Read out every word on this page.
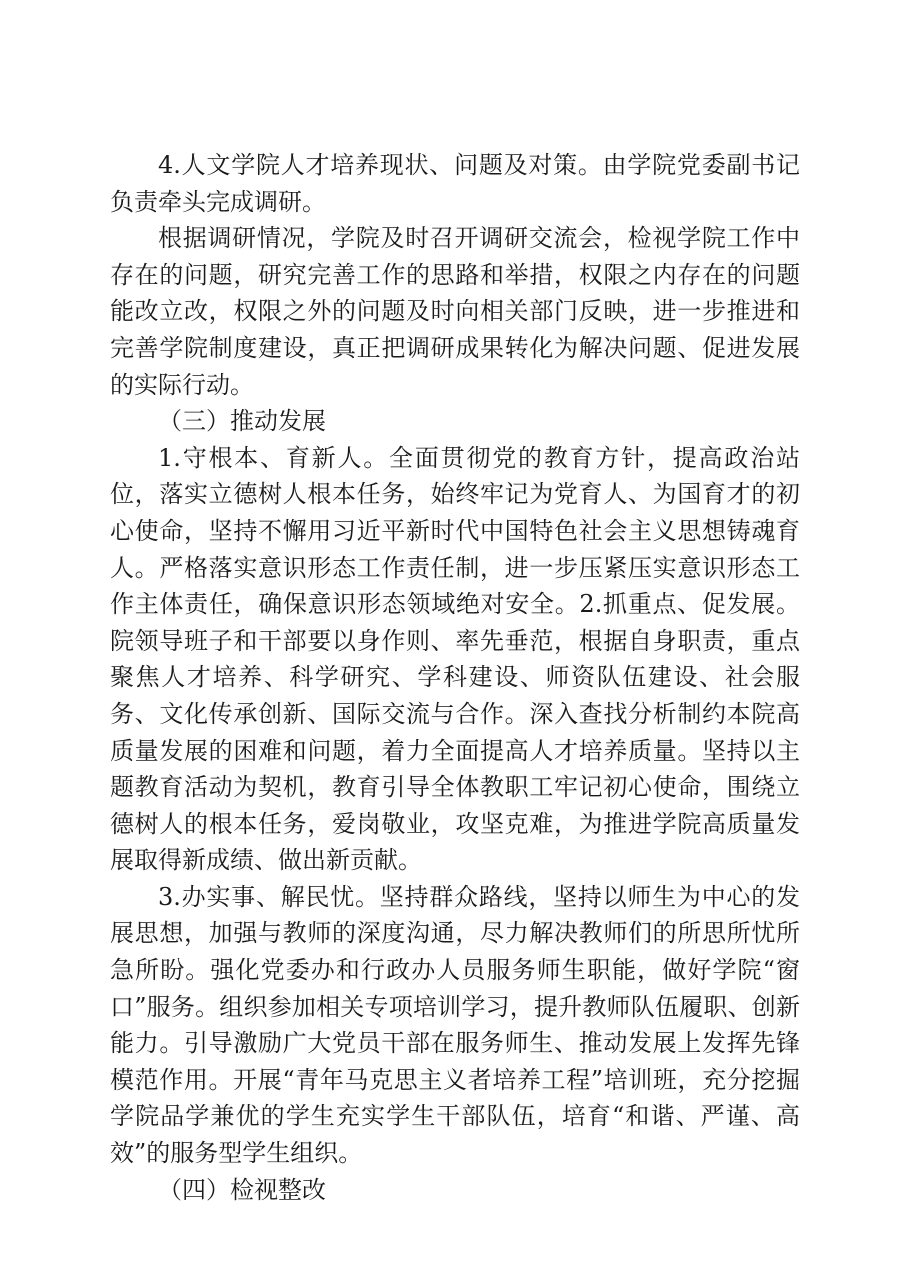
4.人文学院人才培养现状、问题及对策。由学院党委副书记负责牵头完成调研。

根据调研情况，学院及时召开调研交流会，检视学院工作中存在的问题，研究完善工作的思路和举措，权限之内存在的问题能改立改，权限之外的问题及时向相关部门反映，进一步推进和完善学院制度建设，真正把调研成果转化为解决问题、促进发展的实际行动。

（三）推动发展

1.守根本、育新人。全面贯彻党的教育方针，提高政治站位，落实立德树人根本任务，始终牢记为党育人、为国育才的初心使命，坚持不懈用习近平新时代中国特色社会主义思想铸魂育人。严格落实意识形态工作责任制，进一步压紧压实意识形态工作主体责任，确保意识形态领域绝对安全。2.抓重点、促发展。院领导班子和干部要以身作则、率先垂范，根据自身职责，重点聚焦人才培养、科学研究、学科建设、师资队伍建设、社会服务、文化传承创新、国际交流与合作。深入查找分析制约本院高质量发展的困难和问题，着力全面提高人才培养质量。坚持以主题教育活动为契机，教育引导全体教职工牢记初心使命，围绕立德树人的根本任务，爱岗敬业，攻坚克难，为推进学院高质量发展取得新成绩、做出新贡献。

3.办实事、解民忧。坚持群众路线，坚持以师生为中心的发展思想，加强与教师的深度沟通，尽力解决教师们的所思所忧所急所盼。强化党委办和行政办人员服务师生职能，做好学院“窗口”服务。组织参加相关专项培训学习，提升教师队伍履职、创新能力。引导激励广大党员干部在服务师生、推动发展上发挥先锋模范作用。开展“青年马克思主义者培养工程”培训班，充分挖掘学院品学兼优的学生充实学生干部队伍，培育“和谐、严谨、高效”的服务型学生组织。

（四）检视整改
